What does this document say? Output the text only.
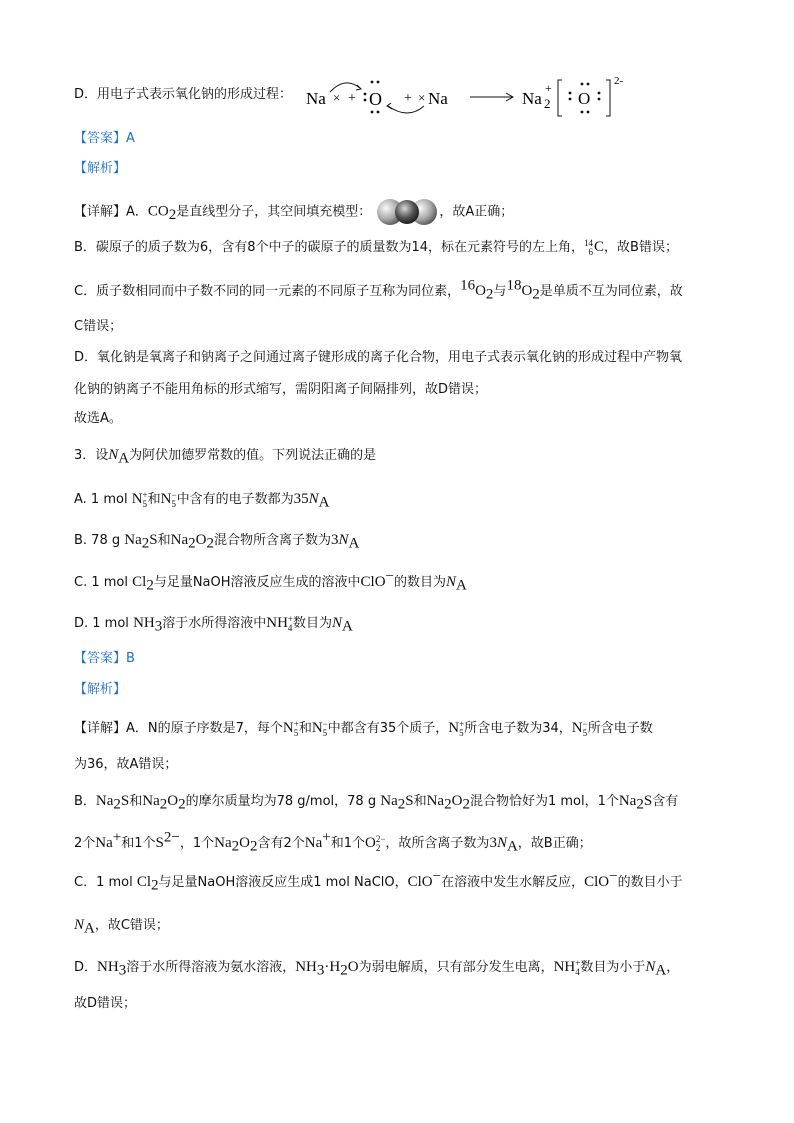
D．用电子式表示氧化钠的形成过程： Na × + O + × Na	Na
+
2 O
2-
【答案】A
【解析】
【详解】A．$CO_2$是直线型分子，其空间填充模型：	，故A正确；
B．碳原子的质子数为6，含有8个中子的碳原子的质量数为14，标在元素符号的左上角， 14
6 C，故B错误；
C．质子数相同而中子数不同的同一元素的不同原子互称为同位素，$^{16}O_2$与$^{18}O_2$是单质不互为同位素，故
C错误；
D．氧化钠是氧离子和钠离子之间通过离子键形成的离子化合物，用电子式表示氧化钠的形成过程中产物氧
化钠的钠离子不能用角标的形式缩写，需阴阳离子间隔排列，故D错误；
故选A。
3．设$N_A$为阿伏加德罗常数的值。下列说法正确的是
A. 1 mol N +
5 和N −
5 中含有的电子数都为$35N_A$
B. 78 g $Na_2S$和$Na_2O_2$混合物所含离子数为$3N_A$
C. 1 mol $Cl_2$与足量NaOH溶液反应生成的溶液中ClO−的数目为$N_A$
D. 1 mol $NH_3$溶于水所得溶液中NH +
4 数目为$N_A$
【答案】B
【解析】
【详解】A．N的原子序数是7，每个N +
5 和N −
5 中都含有35个质子，N +
5 所含电子数为34，N −
5 所含电子数
为36，故A错误；
B．$Na_2S$和$Na_2O_2$的摩尔质量均为78 g/mol，78 g $Na_2S$和$Na_2O_2$混合物恰好为1 mol，1个$Na_2S$含有
2个Na+和1个$S^{2-}$，1个$Na_2O_2$含有2个Na+和1个O 2−
2 ，故所含离子数为$3N_A$，故B正确；
C．1 mol $Cl_2$与足量NaOH溶液反应生成1 mol NaClO，ClO−在溶液中发生水解反应，ClO−的数目小于
$N_A$，故C错误；
D．$NH_3$溶于水所得溶液为氨水溶液，$NH_3\cdot H_2O$为弱电解质，只有部分发生电离，NH +
4 数目为小于$N_A$，
故D错误；
